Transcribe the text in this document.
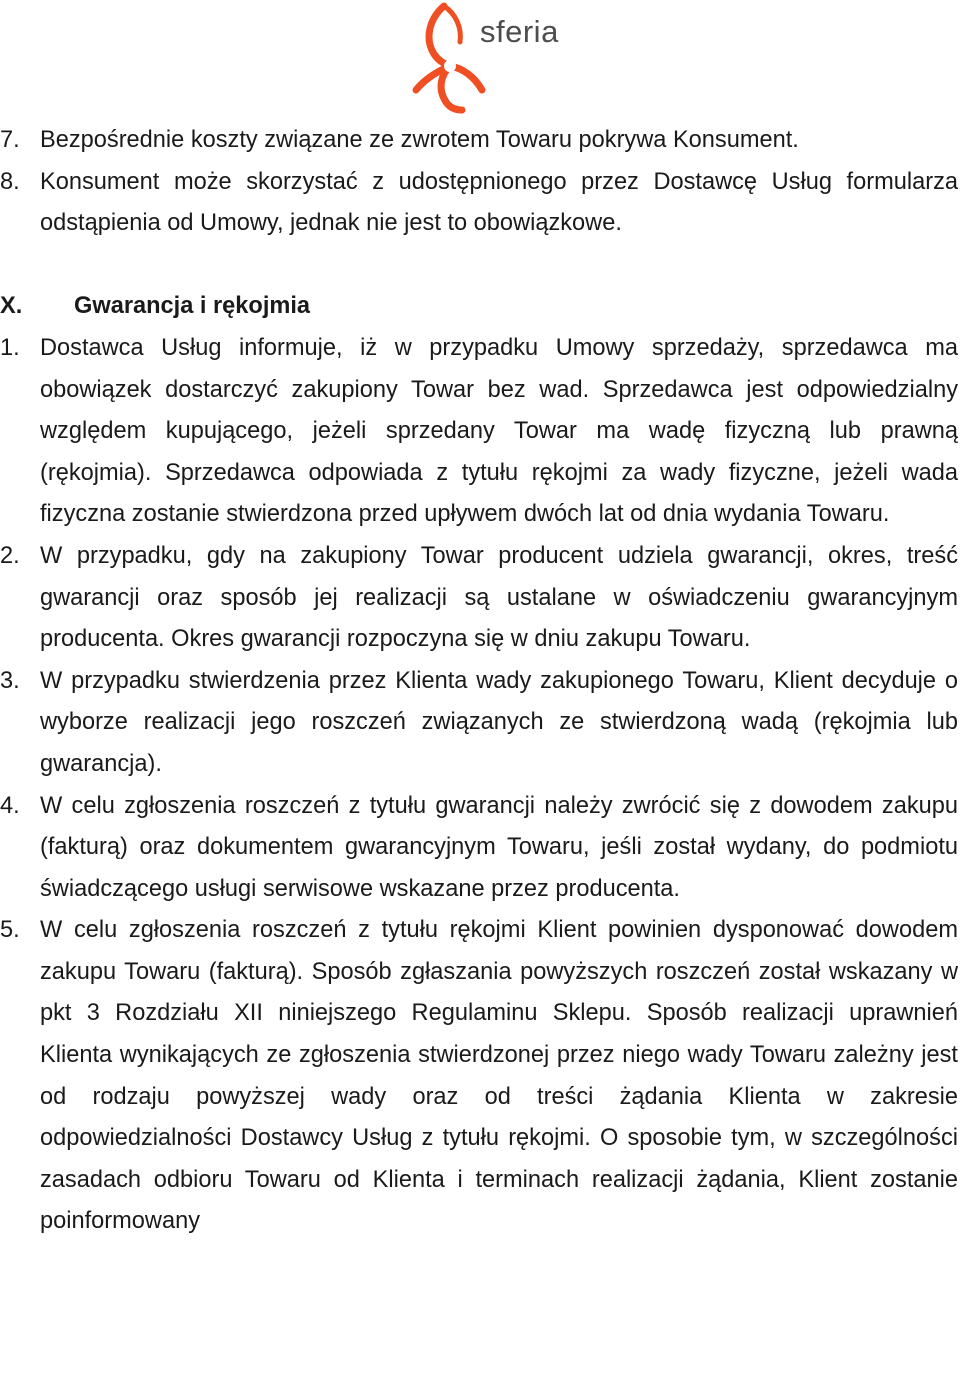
sferia
7. Bezpośrednie koszty związane ze zwrotem Towaru pokrywa Konsument.
8. Konsument może skorzystać z udostępnionego przez Dostawcę Usług formularza odstąpienia od Umowy, jednak nie jest to obowiązkowe.
X. Gwarancja i rękojmia
1. Dostawca Usług informuje, iż w przypadku Umowy sprzedaży, sprzedawca ma obowiązek dostarczyć zakupiony Towar bez wad. Sprzedawca jest odpowiedzialny względem kupującego, jeżeli sprzedany Towar ma wadę fizyczną lub prawną (rękojmia). Sprzedawca odpowiada z tytułu rękojmi za wady fizyczne, jeżeli wada fizyczna zostanie stwierdzona przed upływem dwóch lat od dnia wydania Towaru.
2. W przypadku, gdy na zakupiony Towar producent udziela gwarancji, okres, treść gwarancji oraz sposób jej realizacji są ustalane w oświadczeniu gwarancyjnym producenta. Okres gwarancji rozpoczyna się w dniu zakupu Towaru.
3. W przypadku stwierdzenia przez Klienta wady zakupionego Towaru, Klient decyduje o wyborze realizacji jego roszczeń związanych ze stwierdzoną wadą (rękojmia lub gwarancja).
4. W celu zgłoszenia roszczeń z tytułu gwarancji należy zwrócić się z dowodem zakupu (fakturą) oraz dokumentem gwarancyjnym Towaru, jeśli został wydany, do podmiotu świadczącego usługi serwisowe wskazane przez producenta.
5. W celu zgłoszenia roszczeń z tytułu rękojmi Klient powinien dysponować dowodem zakupu Towaru (fakturą). Sposób zgłaszania powyższych roszczeń został wskazany w pkt 3 Rozdziału XII niniejszego Regulaminu Sklepu. Sposób realizacji uprawnień Klienta wynikających ze zgłoszenia stwierdzonej przez niego wady Towaru zależny jest od rodzaju powyższej wady oraz od treści żądania Klienta w zakresie odpowiedzialności Dostawcy Usług z tytułu rękojmi. O sposobie tym, w szczególności zasadach odbioru Towaru od Klienta i terminach realizacji żądania, Klient zostanie poinformowany
